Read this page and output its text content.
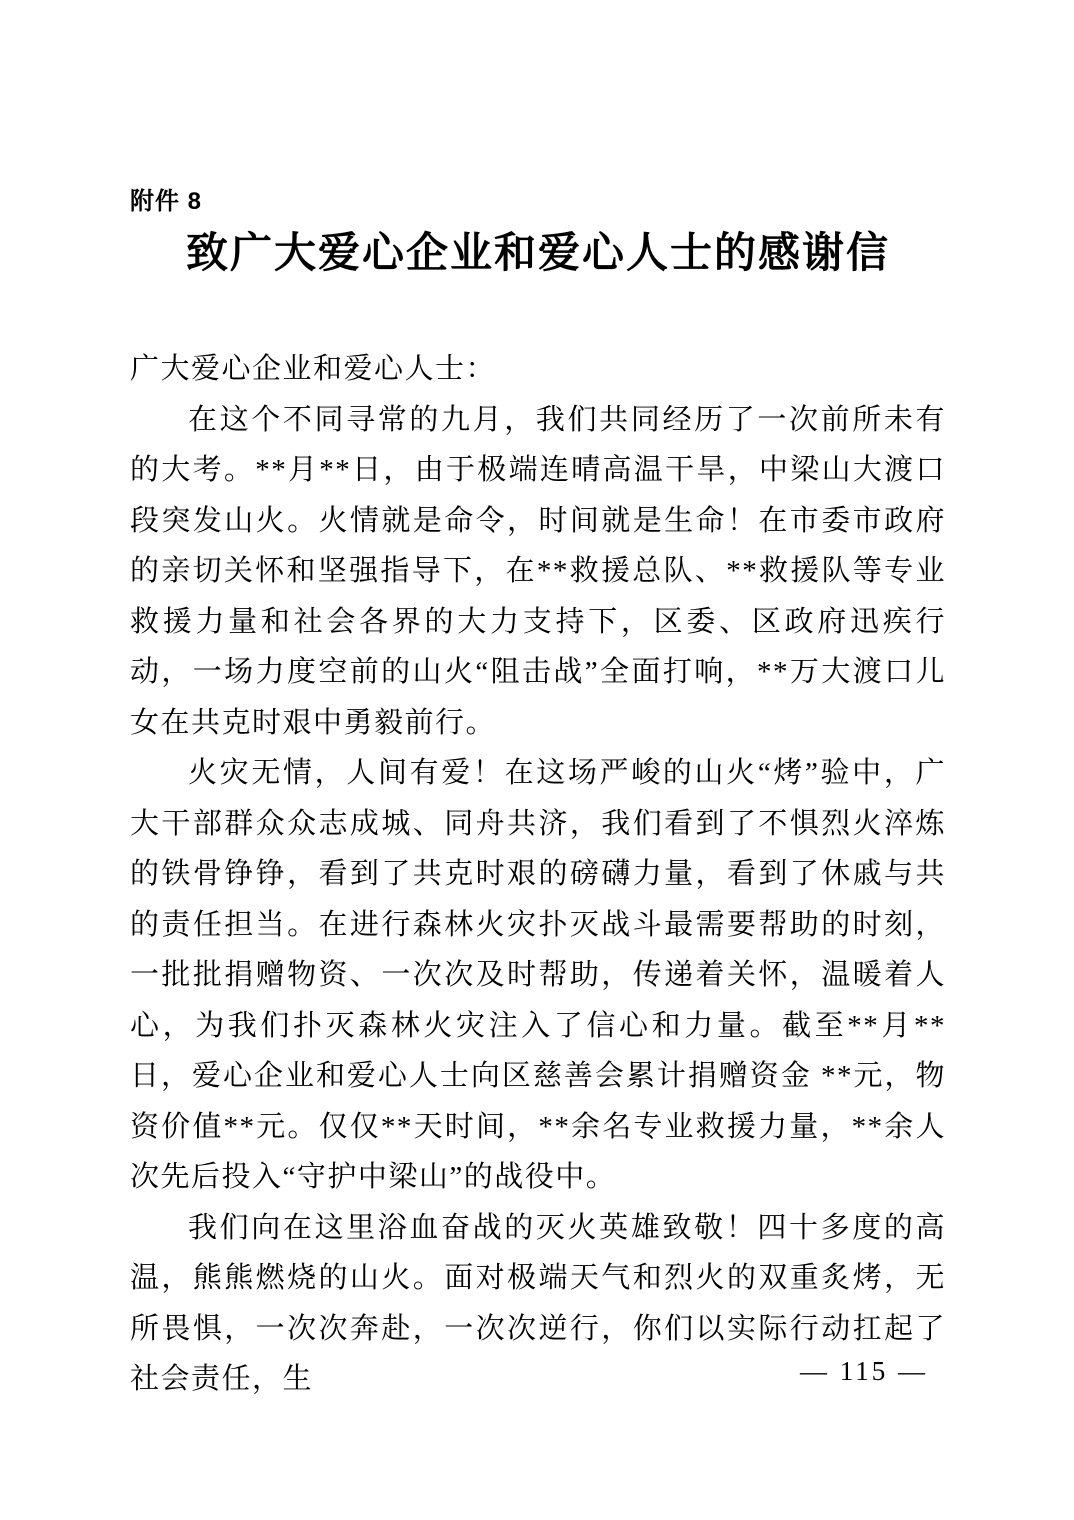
附件 8
致广大爱心企业和爱心人士的感谢信
广大爱心企业和爱心人士：

在这个不同寻常的九月，我们共同经历了一次前所未有的大考。**月**日，由于极端连晴高温干旱，中梁山大渡口段突发山火。火情就是命令，时间就是生命！在市委市政府的亲切关怀和坚强指导下，在**救援总队、**救援队等专业救援力量和社会各界的大力支持下，区委、区政府迅疾行动，一场力度空前的山火“阻击战”全面打响，**万大渡口儿女在共克时艰中勇毅前行。

火灾无情，人间有爱！在这场严峻的山火“烤”验中，广大干部群众众志成城、同舟共济，我们看到了不惧烈火淬炼的铁骨铮铮，看到了共克时艰的磅礴力量，看到了休戚与共的责任担当。在进行森林火灾扑灭战斗最需要帮助的时刻，一批批捐赠物资、一次次及时帮助，传递着关怀，温暖着人心，为我们扑灭森林火灾注入了信心和力量。截至**月**日，爱心企业和爱心人士向区慈善会累计捐赠资金 **元，物资价值**元。仅仅**天时间，**余名专业救援力量，**余人次先后投入“守护中梁山”的战役中。

我们向在这里浴血奋战的灭火英雄致敬！四十多度的高温，熊熊燃烧的山火。面对极端天气和烈火的双重炙烤，无所畏惧，一次次奔赴，一次次逆行，你们以实际行动扛起了社会责任，生	— 115 —
